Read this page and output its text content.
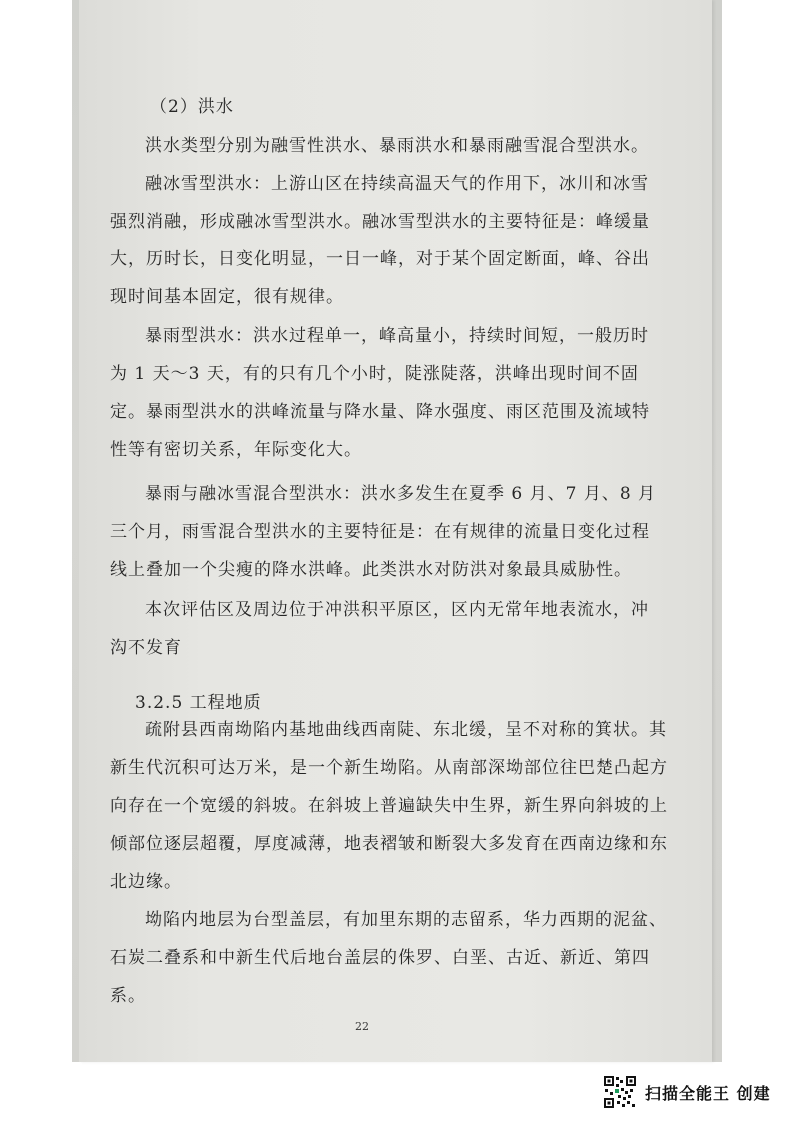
（2）洪水
洪水类型分别为融雪性洪水、暴雨洪水和暴雨融雪混合型洪水。
融冰雪型洪水：上游山区在持续高温天气的作用下，冰川和冰雪
强烈消融，形成融冰雪型洪水。融冰雪型洪水的主要特征是：峰缓量
大，历时长，日变化明显，一日一峰，对于某个固定断面，峰、谷出
现时间基本固定，很有规律。
暴雨型洪水：洪水过程单一，峰高量小，持续时间短，一般历时
为 1 天～3 天，有的只有几个小时，陡涨陡落，洪峰出现时间不固
定。暴雨型洪水的洪峰流量与降水量、降水强度、雨区范围及流域特
性等有密切关系，年际变化大。
暴雨与融冰雪混合型洪水：洪水多发生在夏季 6 月、7 月、8 月
三个月，雨雪混合型洪水的主要特征是：在有规律的流量日变化过程
线上叠加一个尖瘦的降水洪峰。此类洪水对防洪对象最具威胁性。
本次评估区及周边位于冲洪积平原区，区内无常年地表流水，冲
沟不发育
3.2.5 工程地质
疏附县西南坳陷内基地曲线西南陡、东北缓，呈不对称的箕状。其
新生代沉积可达万米，是一个新生坳陷。从南部深坳部位往巴楚凸起方
向存在一个宽缓的斜坡。在斜坡上普遍缺失中生界，新生界向斜坡的上
倾部位逐层超覆，厚度减薄，地表褶皱和断裂大多发育在西南边缘和东
北边缘。
坳陷内地层为台型盖层，有加里东期的志留系，华力西期的泥盆、
石炭二叠系和中新生代后地台盖层的侏罗、白垩、古近、新近、第四
系。
22
扫描全能王 创建
